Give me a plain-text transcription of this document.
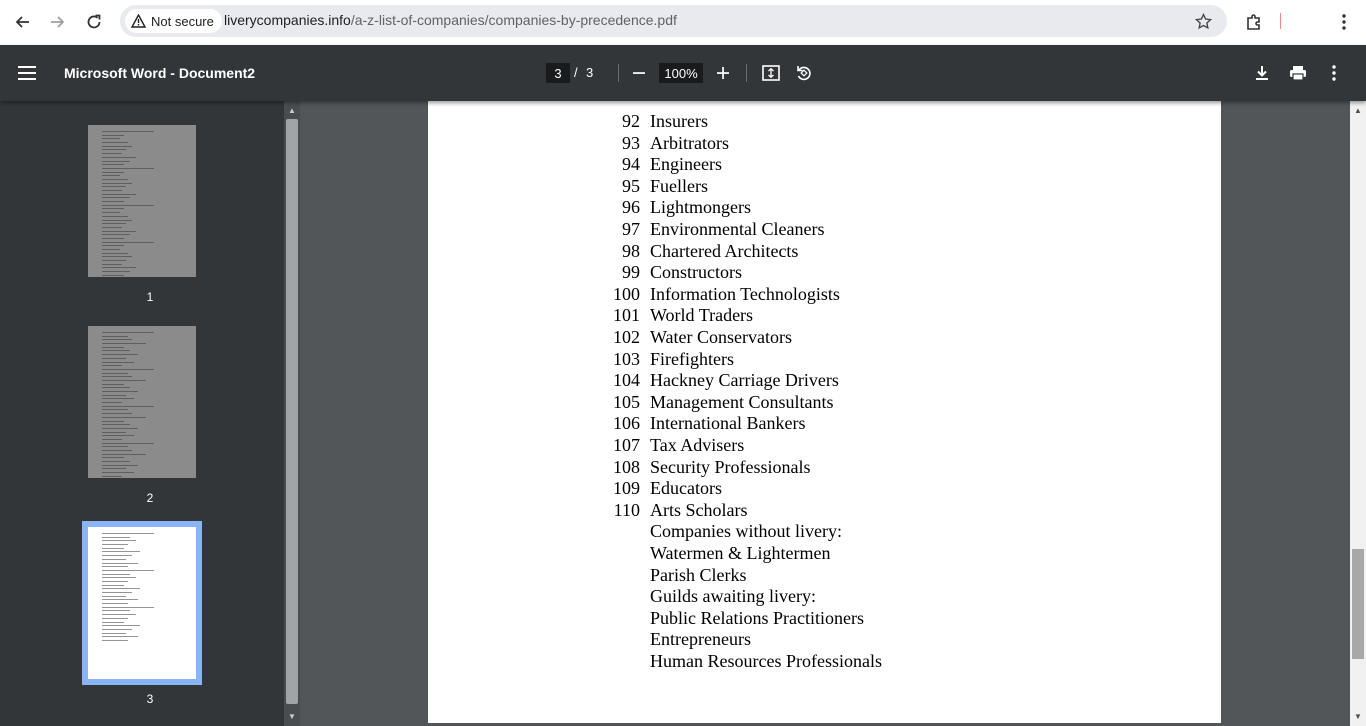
Not secure liverycompanies.info/a-z-list-of-companies/companies-by-precedence.pdf
Microsoft Word - Document2	3 / 3	100%
1
2
3
▲
▼
92 Insurers
93 Arbitrators
94 Engineers
95 Fuellers
96 Lightmongers
97 Environmental Cleaners
98 Chartered Architects
99 Constructors
100 Information Technologists
101 World Traders
102 Water Conservators
103 Firefighters
104 Hackney Carriage Drivers
105 Management Consultants
106 International Bankers
107 Tax Advisers
108 Security Professionals
109 Educators
110 Arts Scholars
Companies without livery:
Watermen & Lightermen
Parish Clerks
Guilds awaiting livery:
Public Relations Practitioners
Entrepreneurs
Human Resources Professionals
▲
▼
